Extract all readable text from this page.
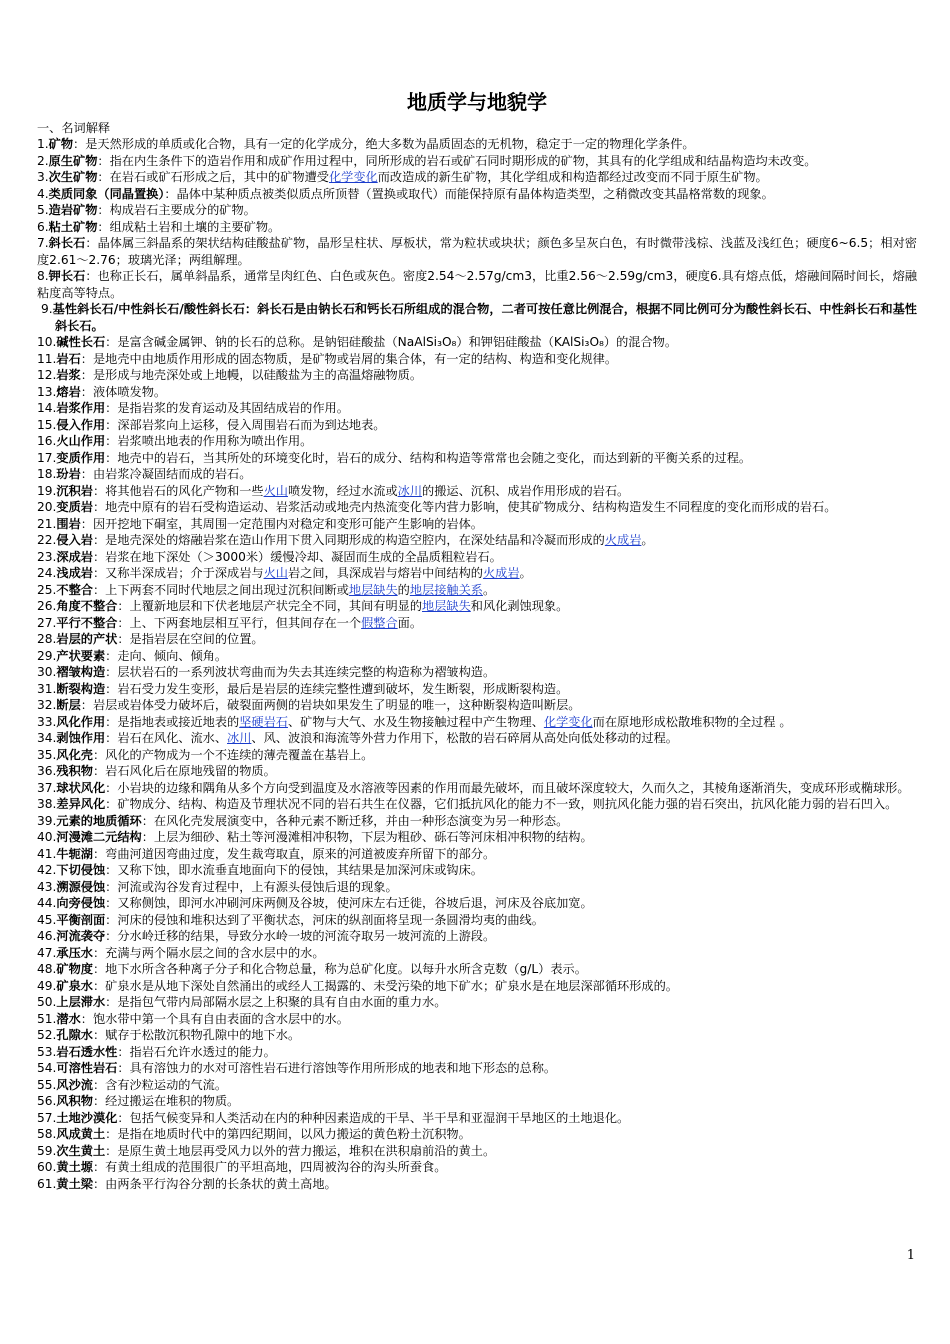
地质学与地貌学
一、名词解释
1.矿物：是天然形成的单质或化合物，具有一定的化学成分，绝大多数为晶质固态的无机物，稳定于一定的物理化学条件。
2.原生矿物：指在内生条件下的造岩作用和成矿作用过程中，同所形成的岩石或矿石同时期形成的矿物，其具有的化学组成和结晶构造均未改变。
3.次生矿物：在岩石或矿石形成之后，其中的矿物遭受化学变化而改造成的新生矿物，其化学组成和构造都经过改变而不同于原生矿物。
4.类质同象（同晶置换）：晶体中某种质点被类似质点所顶替（置换或取代）而能保持原有晶体构造类型，之稍微改变其晶格常数的现象。
5.造岩矿物：构成岩石主要成分的矿物。
6.粘土矿物：组成粘土岩和土壤的主要矿物。
7.斜长石：晶体属三斜晶系的架状结构硅酸盐矿物，晶形呈柱状、厚板状，常为粒状或块状；颜色多呈灰白色，有时微带浅棕、浅蓝及浅红色；硬度6~6.5；相对密度2.61～2.76；玻璃光泽；两组解理。
8.钾长石：也称正长石，属单斜晶系，通常呈肉红色、白色或灰色。密度2.54～2.57g/cm3，比重2.56～2.59g/cm3，硬度6.具有熔点低，熔融间隔时间长，熔融粘度高等特点。
9.基性斜长石/中性斜长石/酸性斜长石：斜长石是由钠长石和钙长石所组成的混合物，二者可按任意比例混合，根据不同比例可分为酸性斜长石、中性斜长石和基性斜长石。
10.碱性长石：是富含碱金属钾、钠的长石的总称。是钠铝硅酸盐（NaAlSi₃O₈）和钾铝硅酸盐（KAlSi₃O₈）的混合物。
11.岩石：是地壳中由地质作用形成的固态物质，是矿物或岩屑的集合体，有一定的结构、构造和变化规律。
12.岩浆：是形成与地壳深处或上地幔，以硅酸盐为主的高温熔融物质。
13.熔岩：液体喷发物。
14.岩浆作用：是指岩浆的发育运动及其固结成岩的作用。
15.侵入作用：深部岩浆向上运移，侵入周围岩石而为到达地表。
16.火山作用：岩浆喷出地表的作用称为喷出作用。
17.变质作用：地壳中的岩石，当其所处的环境变化时，岩石的成分、结构和构造等常常也会随之变化，而达到新的平衡关系的过程。
18.玢岩：由岩浆冷凝固结而成的岩石。
19.沉积岩：将其他岩石的风化产物和一些火山喷发物，经过水流或冰川的搬运、沉积、成岩作用形成的岩石。
20.变质岩：地壳中原有的岩石受构造运动、岩浆活动或地壳内热流变化等内营力影响，使其矿物成分、结构构造发生不同程度的变化而形成的岩石。
21.围岩：因开挖地下硐室，其周围一定范围内对稳定和变形可能产生影响的岩体。
22.侵入岩：是地壳深处的熔融岩浆在造山作用下贯入同期形成的构造空腔内，在深处结晶和冷凝而形成的火成岩。
23.深成岩：岩浆在地下深处（＞3000米）缓慢冷却、凝固而生成的全晶质粗粒岩石。
24.浅成岩：又称半深成岩；介于深成岩与火山岩之间，具深成岩与熔岩中间结构的火成岩。
25.不整合：上下两套不同时代地层之间出现过沉积间断或地层缺失的地层接触关系。
26.角度不整合：上覆新地层和下伏老地层产状完全不同，其间有明显的地层缺失和风化剥蚀现象。
27.平行不整合：上、下两套地层相互平行，但其间存在一个假整合面。
28.岩层的产状：是指岩层在空间的位置。
29.产状要素：走向、倾向、倾角。
30.褶皱构造：层状岩石的一系列波状弯曲而为失去其连续完整的构造称为褶皱构造。
31.断裂构造：岩石受力发生变形，最后是岩层的连续完整性遭到破坏，发生断裂，形成断裂构造。
32.断层：岩层或岩体受力破坏后，破裂面两侧的岩块如果发生了明显的唯一，这种断裂构造叫断层。
33.风化作用：是指地表或接近地表的坚硬岩石、矿物与大气、水及生物接触过程中产生物理、化学变化而在原地形成松散堆积物的全过程 。
34.剥蚀作用：岩石在风化、流水、冰川、风、波浪和海流等外营力作用下，松散的岩石碎屑从高处向低处移动的过程。
35.风化壳：风化的产物成为一个不连续的薄壳覆盖在基岩上。
36.残积物：岩石风化后在原地残留的物质。
37.球状风化：小岩块的边缘和隅角从多个方向受到温度及水溶液等因素的作用而最先破坏，而且破坏深度较大，久而久之，其棱角逐渐消失，变成环形或椭球形。
38.差异风化：矿物成分、结构、构造及节理状况不同的岩石共生在仪器，它们抵抗风化的能力不一致，则抗风化能力强的岩石突出，抗风化能力弱的岩石凹入。
39.元素的地质循环：在风化壳发展演变中，各种元素不断迁移，并由一种形态演变为另一种形态。
40.河漫滩二元结构：上层为细砂、粘土等河漫滩相冲积物，下层为粗砂、砾石等河床相冲积物的结构。
41.牛轭湖：弯曲河道因弯曲过度，发生裁弯取直，原来的河道被废弃所留下的部分。
42.下切侵蚀：又称下蚀，即水流垂直地面向下的侵蚀，其结果是加深河床或钩床。
43.溯源侵蚀：河流或沟谷发育过程中，上有源头侵蚀后退的现象。
44.向旁侵蚀：又称侧蚀，即河水冲刷河床两侧及谷坡，使河床左右迁徙，谷坡后退，河床及谷底加宽。
45.平衡剖面：河床的侵蚀和堆积达到了平衡状态，河床的纵剖面将呈现一条圆滑均夷的曲线。
46.河流袭夺：分水岭迁移的结果，导致分水岭一坡的河流夺取另一坡河流的上游段。
47.承压水：充满与两个隔水层之间的含水层中的水。
48.矿物度：地下水所含各种离子分子和化合物总量，称为总矿化度。以每升水所含克数（g/L）表示。
49.矿泉水：矿泉水是从地下深处自然涌出的或经人工揭露的、未受污染的地下矿水；矿泉水是在地层深部循环形成的。
50.上层滞水：是指包气带内局部隔水层之上积聚的具有自由水面的重力水。
51.潜水：饱水带中第一个具有自由表面的含水层中的水。
52.孔隙水：赋存于松散沉积物孔隙中的地下水。
53.岩石透水性：指岩石允许水透过的能力。
54.可溶性岩石：具有溶蚀力的水对可溶性岩石进行溶蚀等作用所形成的地表和地下形态的总称。
55.风沙流：含有沙粒运动的气流。
56.风积物：经过搬运在堆积的物质。
57.土地沙漠化：包括气候变异和人类活动在内的种种因素造成的干旱、半干旱和亚湿润干旱地区的土地退化。
58.风成黄土：是指在地质时代中的第四纪期间，以风力搬运的黄色粉土沉积物。
59.次生黄土：是原生黄土地层再受风力以外的营力搬运，堆积在洪积扇前沿的黄土。
60.黄土塬：有黄土组成的范围很广的平坦高地，四周被沟谷的沟头所蚕食。
61.黄土梁：由两条平行沟谷分割的长条状的黄土高地。
1
